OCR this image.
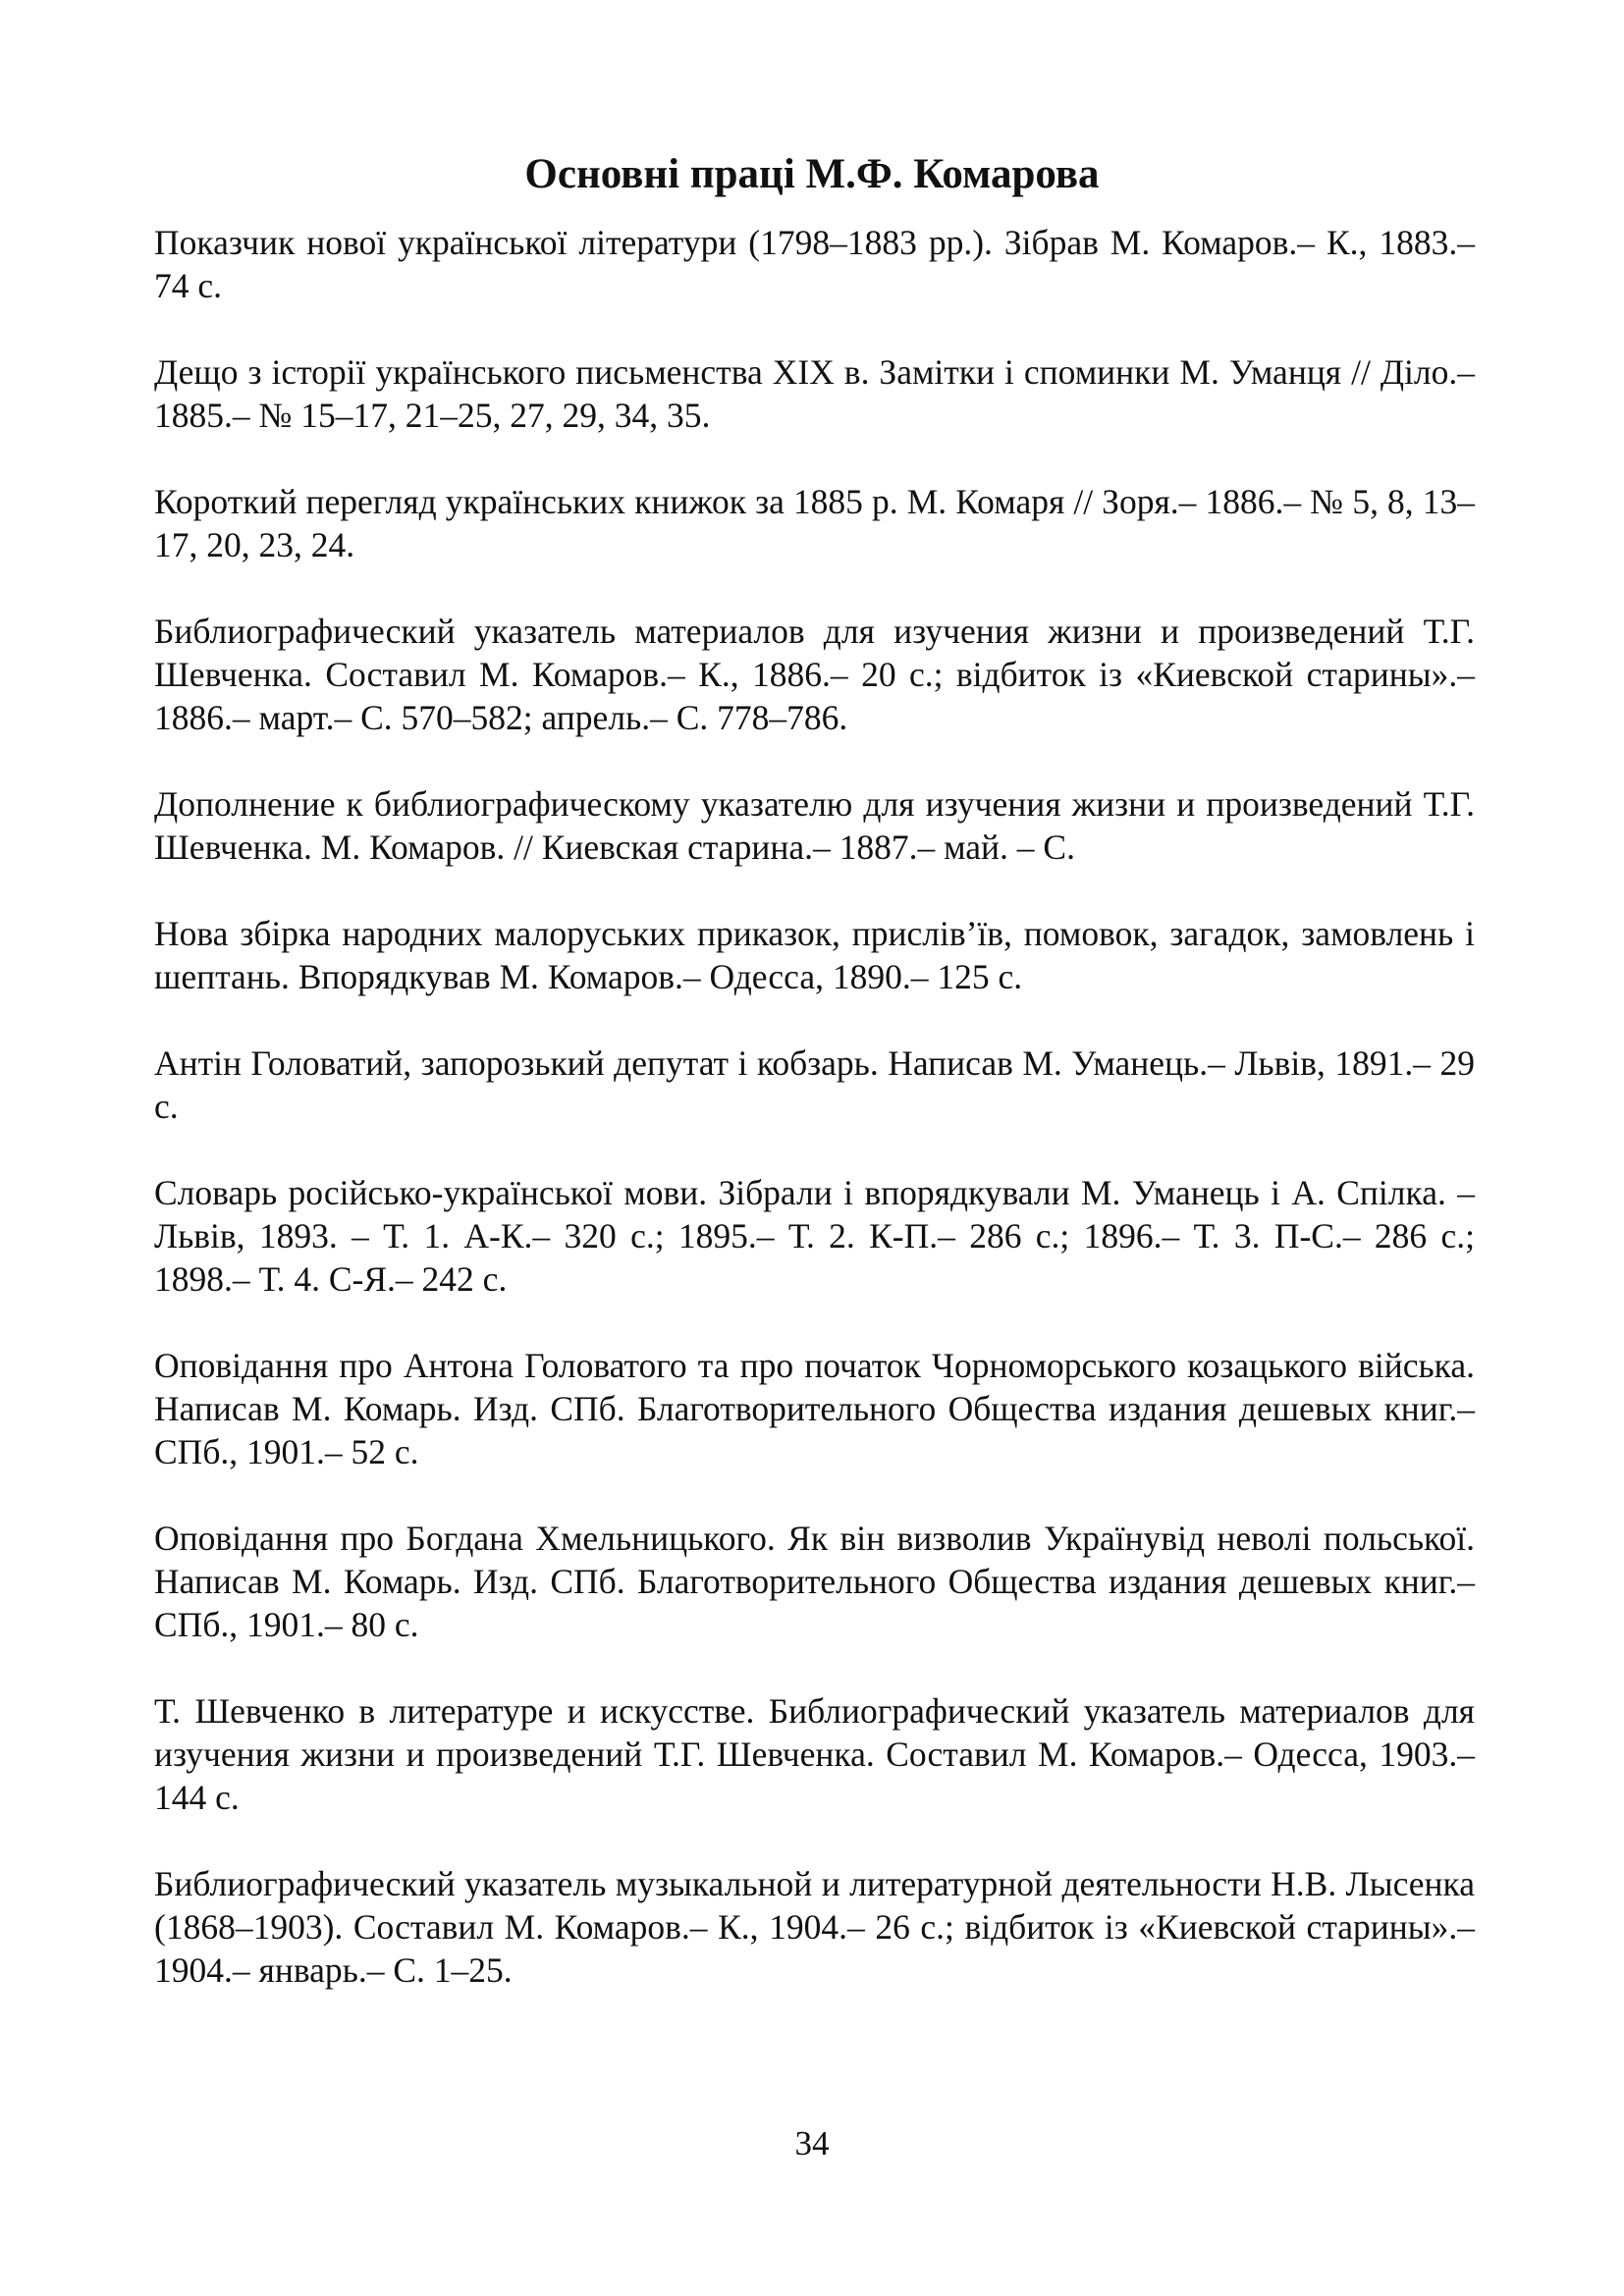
Основні праці М.Ф. Комарова
Показчик нової української літератури (1798–1883 рр.). Зібрав М. Комаров.– К., 1883.– 74 с.
Дещо з історії українського письменства XIX в. Замітки і споминки М. Уманця // Діло.– 1885.– № 15–17, 21–25, 27, 29, 34, 35.
Короткий перегляд українських книжок за 1885 р. М. Комаря // Зоря.– 1886.– № 5, 8, 13–17, 20, 23, 24.
Библиографический указатель материалов для изучения жизни и произведений Т.Г. Шевченка. Составил М. Комаров.– К., 1886.– 20 с.; відбиток із «Киевской старины».– 1886.– март.– С. 570–582; апрель.– С. 778–786.
Дополнение к библиографическому указателю для изучения жизни и произведений Т.Г. Шевченка. М. Комаров. // Киевская старина.– 1887.– май. – С.
Нова збірка народних малоруських приказок, прислів’їв, помовок, загадок, замовлень і шептань. Впорядкував М. Комаров.– Одесса, 1890.– 125 с.
Антін Головатий, запорозький депутат і кобзарь. Написав М. Уманець.– Львів, 1891.– 29 с.
Словарь російсько-української мови. Зібрали і впорядкували М. Уманець і А. Спілка. – Львів, 1893. – Т. 1. А-К.– 320 с.; 1895.– Т. 2. К-П.– 286 с.; 1896.– Т. 3. П-С.– 286 с.; 1898.– Т. 4. С-Я.– 242 с.
Оповідання про Антона Головатого та про початок Чорноморського козацького війська. Написав М. Комарь. Изд. СПб. Благотворительного Общества издания дешевых книг.– СПб., 1901.– 52 с.
Оповідання про Богдана Хмельницького. Як він визволив Українувід неволі польської. Написав М. Комарь. Изд. СПб. Благотворительного Общества издания дешевых книг.– СПб., 1901.– 80 с.
Т. Шевченко в литературе и искусстве. Библиографический указатель материалов для изучения жизни и произведений Т.Г. Шевченка. Составил М. Комаров.– Одесса, 1903.– 144 с.
Библиографический указатель музыкальной и литературной деятельности Н.В. Лысенка (1868–1903). Составил М. Комаров.– К., 1904.– 26 с.; відбиток із «Киевской старины».– 1904.– январь.– С. 1–25.
34
